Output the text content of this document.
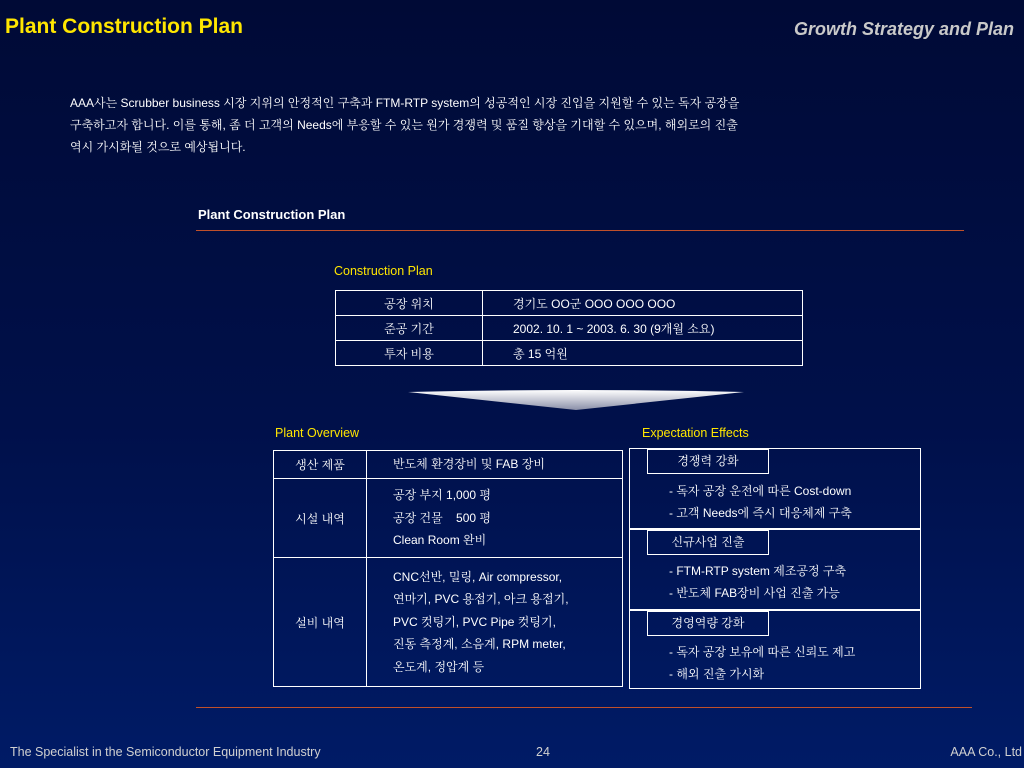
Plant Construction Plan	Growth Strategy and Plan
AAA사는 Scrubber business 시장 지위의 안정적인 구축과 FTM-RTP system의 성공적인 시장 진입을 지원할 수 있는 독자 공장을
구축하고자 합니다. 이를 통해, 좀 더 고객의 Needs에 부응할 수 있는 원가 경쟁력 및 품질 향상을 기대할 수 있으며, 해외로의 진출
역시 가시화될 것으로 예상됩니다.
Plant Construction Plan
Construction Plan
공장 위치	경기도 OO군 OOO OOO OOO
준공 기간	2002. 10. 1 ~ 2003. 6. 30 (9개월 소요)
투자 비용	총 15 억원
Plant Overview
생산 제품	반도체 환경장비 및 FAB 장비

시설 내역	공장 부지 1,000 평
공장 건물    500 평
Clean Room 완비

설비 내역	CNC선반, 밀링, Air compressor,
연마기, PVC 용접기, 아크 용접기,
PVC 컷팅기, PVC Pipe 컷팅기,
진동 측정계, 소음계, RPM meter,
온도계, 정압계 등
Expectation Effects
경쟁력 강화
- 독자 공장 운전에 따른 Cost-down
- 고객 Needs에 즉시 대응체제 구축
신규사업 진출
- FTM-RTP system 제조공정 구축
- 반도체 FAB장비 사업 진출 가능
경영역량 강화
- 독자 공장 보유에 따른 신뢰도 제고
- 해외 진출 가시화
The Specialist in the Semiconductor Equipment Industry	24	AAA Co., Ltd
